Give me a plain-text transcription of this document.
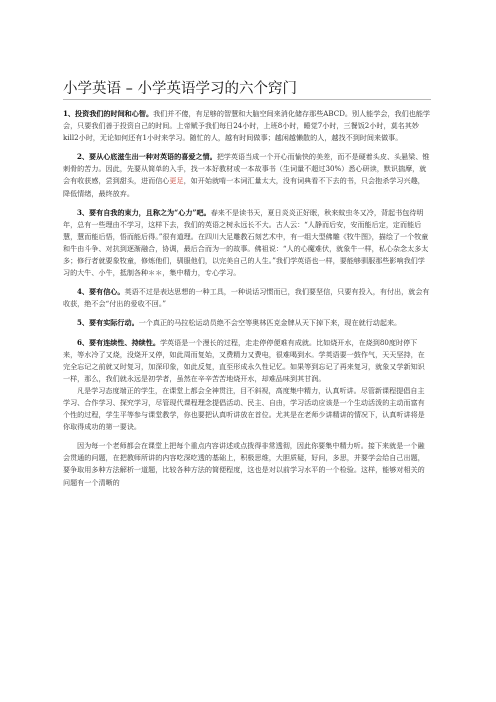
小学英语 – 小学英语学习的六个窍门

1、投资我们的时间和心智。我们并不傻，有足够的智慧和大脑空间来消化储存那些ABCD。别人能学会，我们也能学会，只要我们善于投资自己的时间。上帝赋予我们每日24小时，上班8小时，睡觉7小时，三餐饭2小时，莫名其妙kill2小时，无论如何还有1小时来学习。随忙的人，越有时间做事；越闲越懒散的人，越找不到时间来做事。

2、要从心底滋生出一种对英语的喜爱之情。把学英语当成一个开心而愉快的美差，而不是硬着头皮、头悬梁、锥刺骨的苦力。因此，先要从简单的入手，找一本好教材或一本故事书（生词量不超过30%）悉心研读，默识揣摩，就会有收获感，尝到甜头，进而信心更足，如开始就啃一本词汇量太大，没有词典看不下去的书，只会抱杀学习兴趣，降低情绪，最终放弃。

3、要有自我的束力，且称之为“心力”吧。春来不是读书天，夏日炎炎正好眠，秋来蚊虫冬又冷，背起书包待明年，总有一些理由不学习，这样下去，我们的英语之树永远长不大。古人云：“人静而后安，安而能后定，定而能后慧，慧而能后悟，悟而能后得。”很有道理。在四川大足雕教石刻艺术中，有一组大型佛雕《牧牛图》，描绘了一个牧童和牛由斗争、对抗到逐渐融合，协调，最后合而为一的故事。佛祖说：“人的心魔难伏，就象牛一样，私心杂念太多太多；修行者就要象牧童，修炼他们，驯服他们，以完美自己的人生。”我们学英语也一样，要能够驯服那些影响我们学习的大牛、小牛，抵制各种＊＊，集中精力，专心学习。

4、要有信心。英语不过是表达思想的一种工具，一种说话习惯而已，我们要坚信，只要有投入，有付出，就会有收获，绝不会“付出的爱收不回。”

5、要有实际行动。一个真正的马拉松运动员绝不会空等奥林匹克金牌从天下掉下来，现在就行动起来。

6、要有连续性、持续性。学英语是一个漫长的过程，走走停停便难有成就。比如烧开水，在烧到80度时停下来，等水冷了又烧，没烧开又停，如此周而复始，又费精力又费电，很难喝到水。学英语要一鼓作气，天天坚持，在完全忘记之前就又时复习，加深印象，如此反复，直至形成永久性记忆。如果等到忘记了再来复习，就象又学新知识一样，那么，我们就永远是初学者，虽然在辛辛苦苦地烧开水，却难品味到其甘润。

凡是学习态度端正的学生，在课堂上都会全神贯注，目不斜视，高度集中精力，认真听讲。尽管新课程提倡自主学习、合作学习、探究学习，尽管现代课程理念提倡活动、民主、自由，学习活动应该是一个生动活泼的主动而富有个性的过程，学生平等参与课堂教学，你也要把认真听讲放在首位。尤其是在老师少讲精讲的情况下，认真听讲将是你取得成功的第一要诀。

因为每一个老师都会在课堂上把每个重点内容讲述或点拨得非常透彻，因此你要集中精力听。接下来就是一个融会贯通的问题，在把教师所讲的内容吃深吃透的基础上，积极思维，大胆质疑，好问，多思，并要学会给自己出题，要争取用多种方法解析一道题，比较各种方法的简便程度，这也是对以前学习水平的一个检验。这样，能够对相关的问题有一个清晰的
